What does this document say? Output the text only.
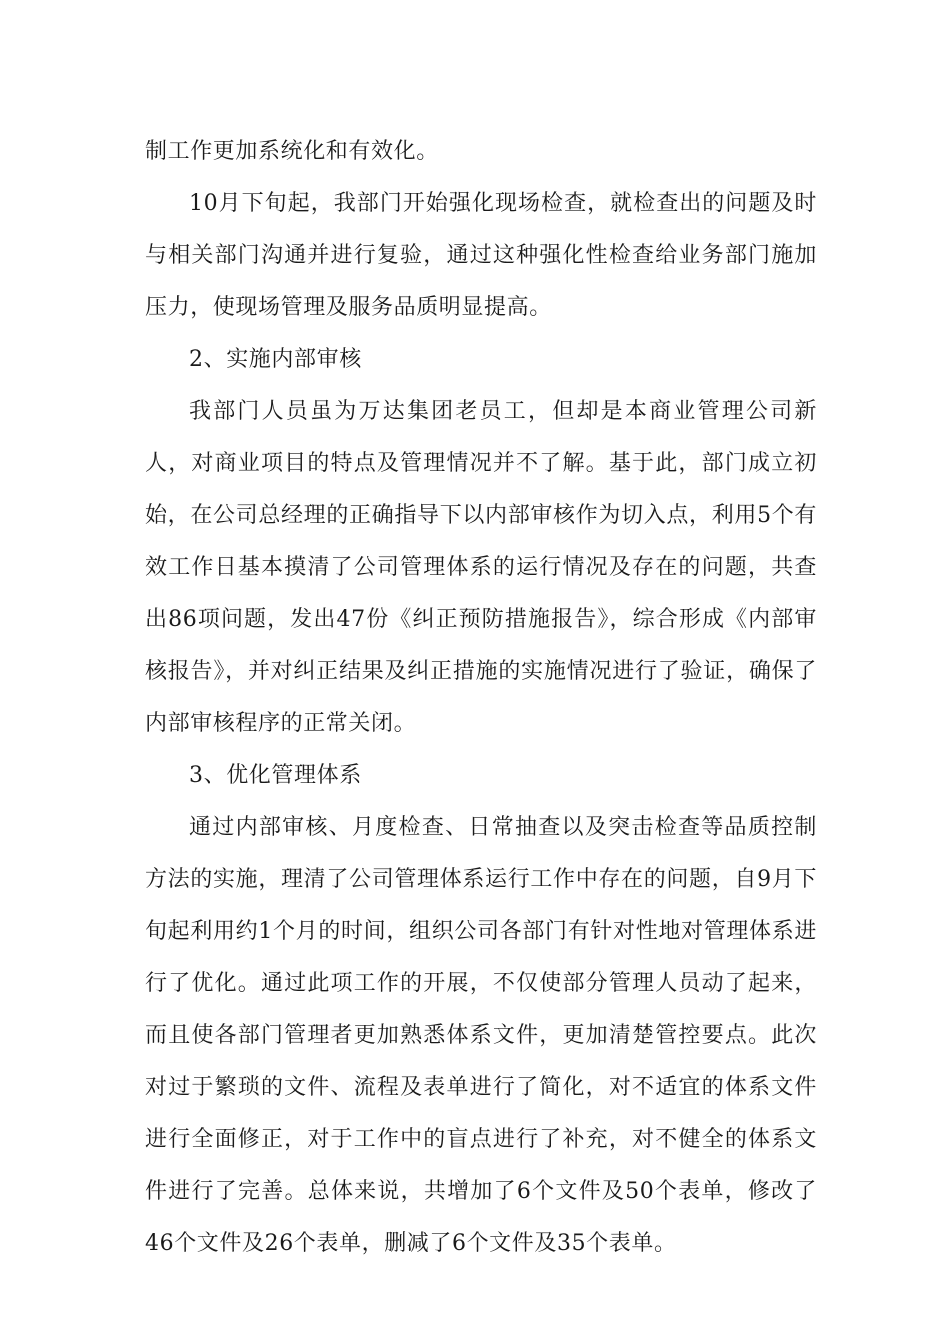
制工作更加系统化和有效化。

10月下旬起，我部门开始强化现场检查，就检查出的问题及时与相关部门沟通并进行复验，通过这种强化性检查给业务部门施加压力，使现场管理及服务品质明显提高。

2、实施内部审核

我部门人员虽为万达集团老员工，但却是本商业管理公司新人，对商业项目的特点及管理情况并不了解。基于此，部门成立初始，在公司总经理的正确指导下以内部审核作为切入点，利用5个有效工作日基本摸清了公司管理体系的运行情况及存在的问题，共查出86项问题，发出47份《纠正预防措施报告》，综合形成《内部审核报告》，并对纠正结果及纠正措施的实施情况进行了验证，确保了内部审核程序的正常关闭。

3、优化管理体系

通过内部审核、月度检查、日常抽查以及突击检查等品质控制方法的实施，理清了公司管理体系运行工作中存在的问题，自9月下旬起利用约1个月的时间，组织公司各部门有针对性地对管理体系进行了优化。通过此项工作的开展，不仅使部分管理人员动了起来，而且使各部门管理者更加熟悉体系文件，更加清楚管控要点。此次对过于繁琐的文件、流程及表单进行了简化，对不适宜的体系文件进行全面修正，对于工作中的盲点进行了补充，对不健全的体系文件进行了完善。总体来说，共增加了6个文件及50个表单，修改了46个文件及26个表单，删减了6个文件及35个表单。
